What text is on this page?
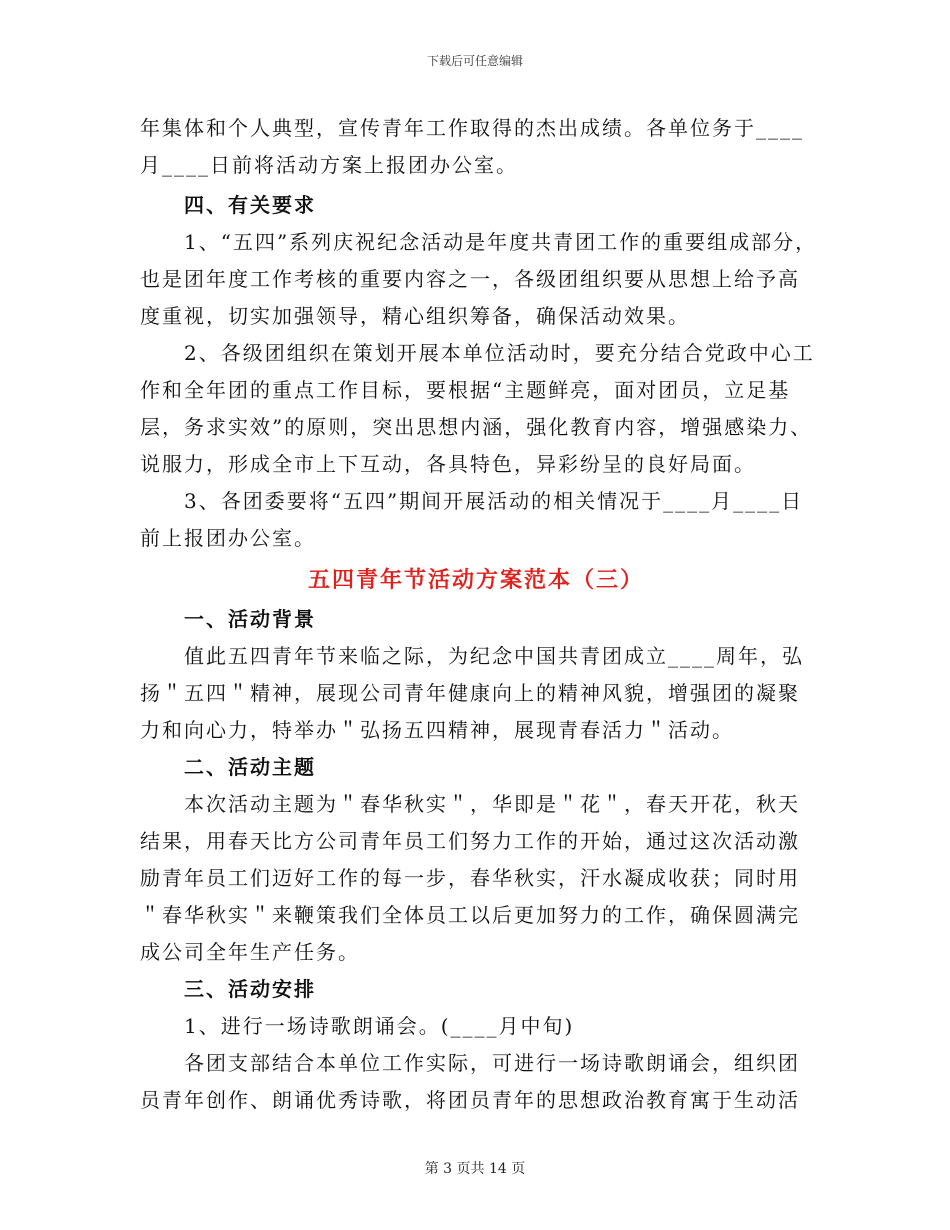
下载后可任意编辑
年集体和个人典型，宣传青年工作取得的杰出成绩。各单位务于____
月____日前将活动方案上报团办公室。
四、有关要求
1、“五四”系列庆祝纪念活动是年度共青团工作的重要组成部分，
也是团年度工作考核的重要内容之一，各级团组织要从思想上给予高
度重视，切实加强领导，精心组织筹备，确保活动效果。
2、各级团组织在策划开展本单位活动时，要充分结合党政中心工
作和全年团的重点工作目标，要根据“主题鲜亮，面对团员，立足基
层，务求实效”的原则，突出思想内涵，强化教育内容，增强感染力、
说服力，形成全市上下互动，各具特色，异彩纷呈的良好局面。
3、各团委要将“五四”期间开展活动的相关情况于____月____日
前上报团办公室。
五四青年节活动方案范本（三）
一、活动背景
值此五四青年节来临之际，为纪念中国共青团成立____周年，弘
扬＂五四＂精神，展现公司青年健康向上的精神风貌，增强团的凝聚
力和向心力，特举办＂弘扬五四精神，展现青春活力＂活动。
二、活动主题
本次活动主题为＂春华秋实＂，华即是＂花＂，春天开花，秋天
结果，用春天比方公司青年员工们努力工作的开始，通过这次活动激
励青年员工们迈好工作的每一步，春华秋实，汗水凝成收获；同时用
＂春华秋实＂来鞭策我们全体员工以后更加努力的工作，确保圆满完
成公司全年生产任务。
三、活动安排
1、进行一场诗歌朗诵会。(____月中旬)
各团支部结合本单位工作实际，可进行一场诗歌朗诵会，组织团
员青年创作、朗诵优秀诗歌，将团员青年的思想政治教育寓于生动活
第 3 页共 14 页
